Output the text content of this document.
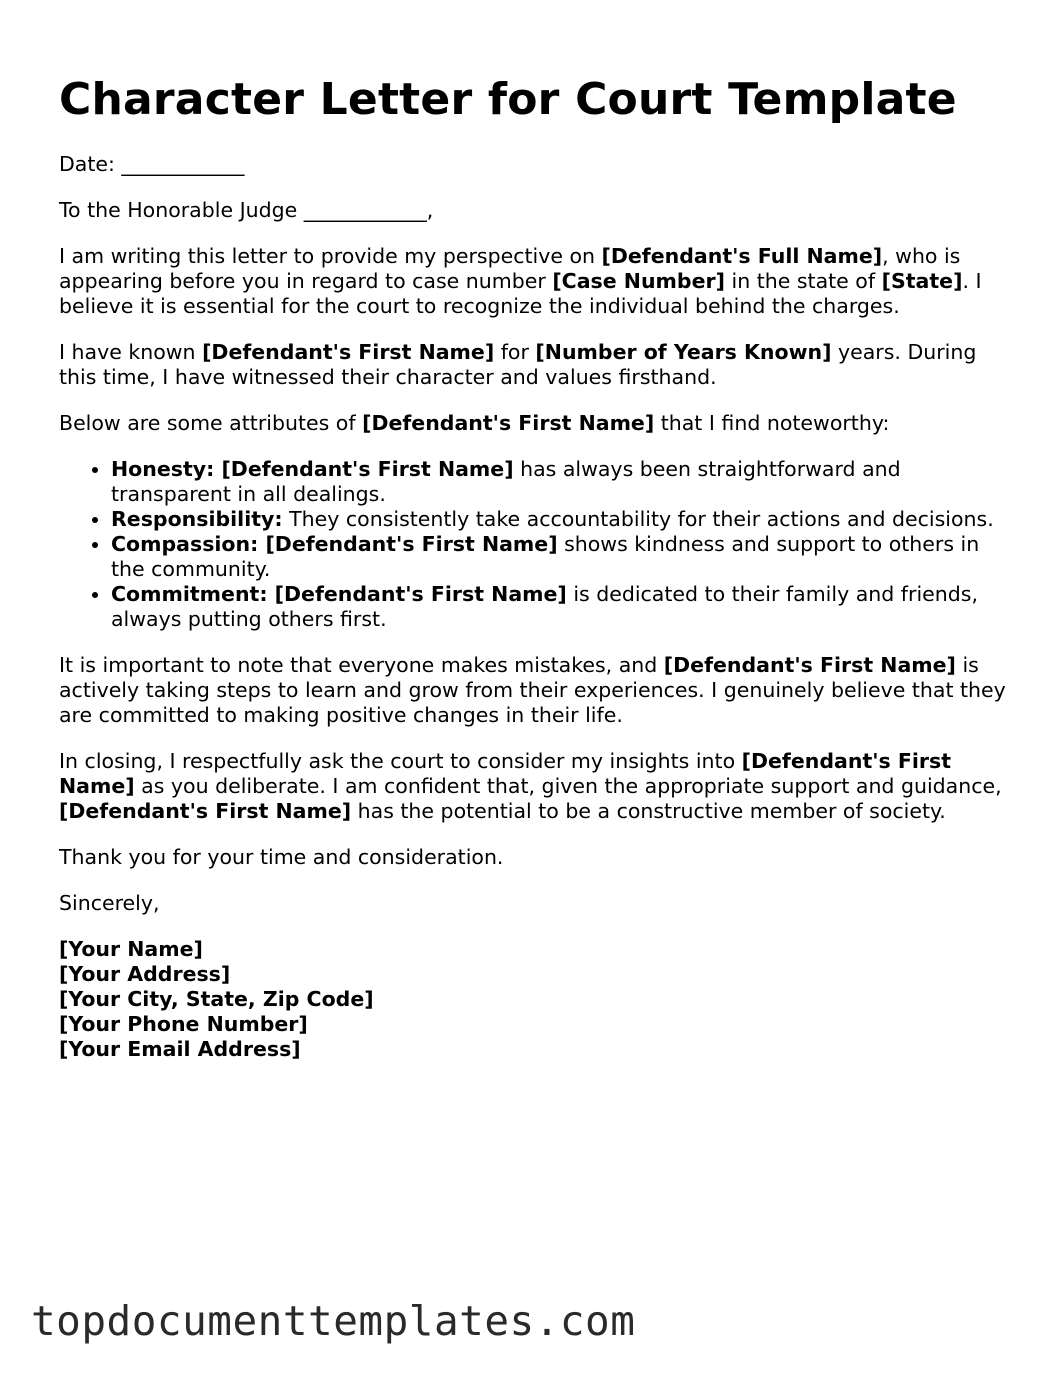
Character Letter for Court Template

Date: ____________

To the Honorable Judge ____________,

I am writing this letter to provide my perspective on [Defendant's Full Name], who is appearing before you in regard to case number [Case Number] in the state of [State]. I believe it is essential for the court to recognize the individual behind the charges.

I have known [Defendant's First Name] for [Number of Years Known] years. During this time, I have witnessed their character and values firsthand.

Below are some attributes of [Defendant's First Name] that I find noteworthy:

• Honesty: [Defendant's First Name] has always been straightforward and transparent in all dealings.
• Responsibility: They consistently take accountability for their actions and decisions.
• Compassion: [Defendant's First Name] shows kindness and support to others in the community.
• Commitment: [Defendant's First Name] is dedicated to their family and friends, always putting others first.

It is important to note that everyone makes mistakes, and [Defendant's First Name] is actively taking steps to learn and grow from their experiences. I genuinely believe that they are committed to making positive changes in their life.

In closing, I respectfully ask the court to consider my insights into [Defendant's First Name] as you deliberate. I am confident that, given the appropriate support and guidance, [Defendant's First Name] has the potential to be a constructive member of society.

Thank you for your time and consideration.

Sincerely,

[Your Name]
[Your Address]
[Your City, State, Zip Code]
[Your Phone Number]
[Your Email Address]
topdocumenttemplates.com
